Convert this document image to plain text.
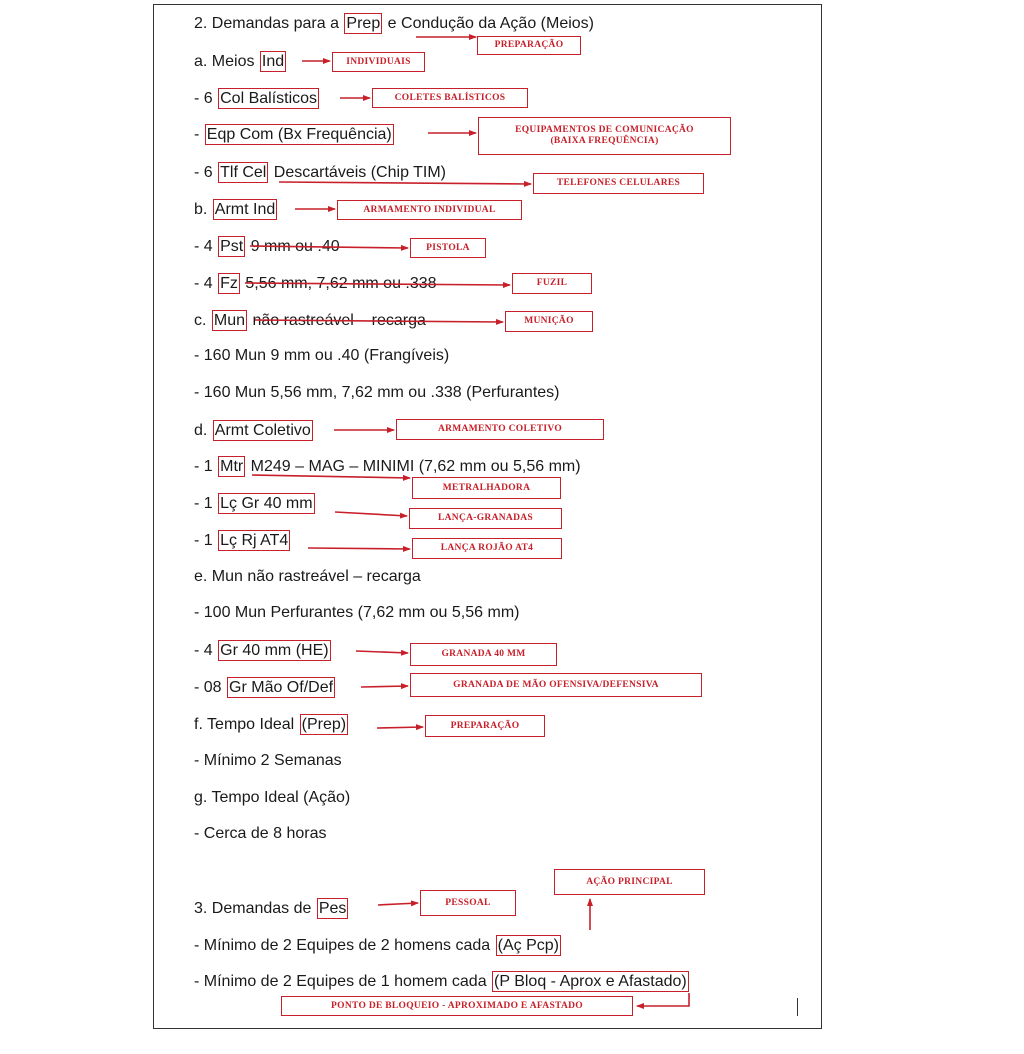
2. Demandas para a Prep e Condução da Ação (Meios)
a. Meios Ind
- 6 Col Balísticos
- Eqp Com (Bx Frequência)
- 6 Tlf Cel Descartáveis (Chip TIM)
b. Armt Ind
- 4 Pst 9 mm ou .40
- 4 Fz 5,56 mm, 7,62 mm ou .338
c. Mun não rastreável – recarga
- 160 Mun 9 mm ou .40 (Frangíveis)
- 160 Mun 5,56 mm, 7,62 mm ou .338 (Perfurantes)
d. Armt Coletivo
- 1 Mtr M249 – MAG – MINIMI (7,62 mm ou 5,56 mm)
- 1 Lç Gr 40 mm
- 1 Lç Rj AT4
e. Mun não rastreável – recarga
- 100 Mun Perfurantes (7,62 mm ou 5,56 mm)
- 4 Gr 40 mm (HE)
- 08 Gr Mão Of/Def
f. Tempo Ideal (Prep)
- Mínimo 2 Semanas
g. Tempo Ideal (Ação)
- Cerca de 8 horas
3. Demandas de Pes
- Mínimo de 2 Equipes de 2 homens cada (Aç Pcp)
- Mínimo de 2 Equipes de 1 homem cada (P Bloq - Aprox e Afastado)
PREPARAÇÃO
INDIVIDUAIS
COLETES BALÍSTICOS
EQUIPAMENTOS DE COMUNICAÇÃO
(BAIXA FREQUÊNCIA)
TELEFONES CELULARES
ARMAMENTO INDIVIDUAL
PISTOLA
FUZIL
MUNIÇÃO
ARMAMENTO COLETIVO
METRALHADORA
LANÇA-GRANADAS
LANÇA ROJÃO AT4
GRANADA 40 MM
GRANADA DE MÃO OFENSIVA/DEFENSIVA
PREPARAÇÃO
PESSOAL
AÇÃO PRINCIPAL
PONTO DE BLOQUEIO - APROXIMADO E AFASTADO
